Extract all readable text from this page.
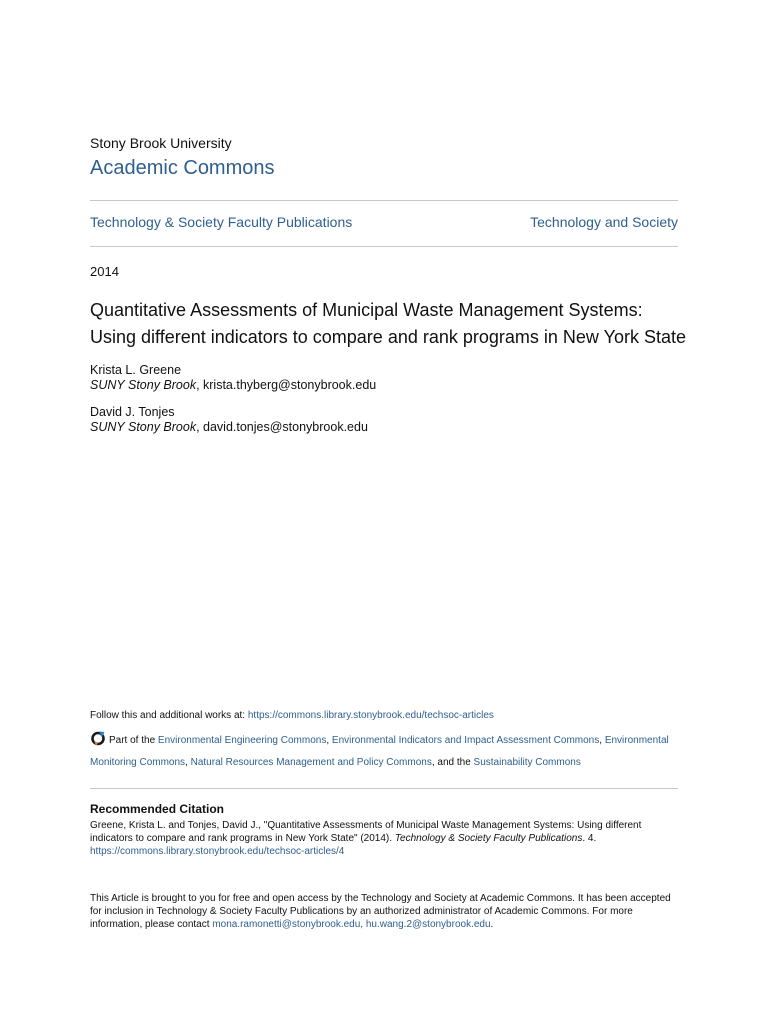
Stony Brook University
Academic Commons
Technology & Society Faculty Publications	Technology and Society
2014
Quantitative Assessments of Municipal Waste Management Systems:
Using different indicators to compare and rank programs in New York State
Krista L. Greene
SUNY Stony Brook, krista.thyberg@stonybrook.edu
David J. Tonjes
SUNY Stony Brook, david.tonjes@stonybrook.edu
Follow this and additional works at: https://commons.library.stonybrook.edu/techsoc-articles
Part of the Environmental Engineering Commons, Environmental Indicators and Impact Assessment Commons, Environmental Monitoring Commons, Natural Resources Management and Policy Commons, and the Sustainability Commons
Recommended Citation
Greene, Krista L. and Tonjes, David J., "Quantitative Assessments of Municipal Waste Management Systems: Using different indicators to compare and rank programs in New York State" (2014). Technology & Society Faculty Publications. 4.
https://commons.library.stonybrook.edu/techsoc-articles/4
This Article is brought to you for free and open access by the Technology and Society at Academic Commons. It has been accepted for inclusion in Technology & Society Faculty Publications by an authorized administrator of Academic Commons. For more information, please contact mona.ramonetti@stonybrook.edu, hu.wang.2@stonybrook.edu.
